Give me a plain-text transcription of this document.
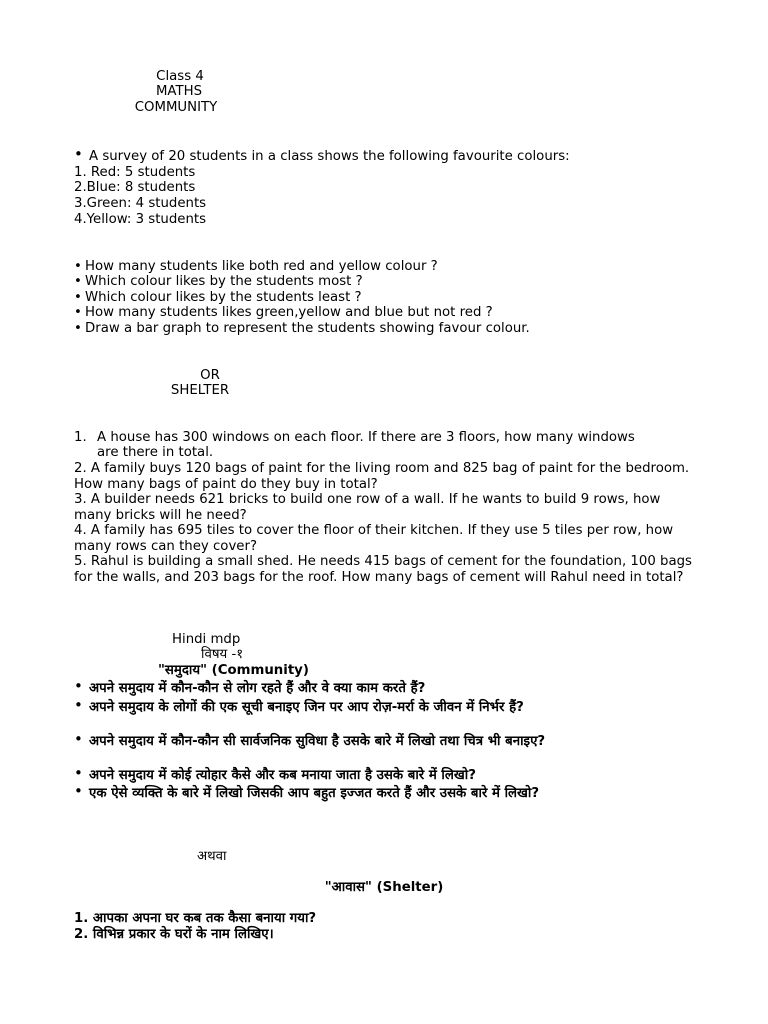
Class 4
MATHS
COMMUNITY
• A survey of 20 students in a class shows the following favourite colours:
1. Red: 5 students
2.Blue: 8 students
3.Green: 4 students
4.Yellow: 3 students
• How many students like both red and yellow colour ?
• Which colour likes by the students most ?
• Which colour likes by the students least ?
• How many students likes green,yellow and blue but not red ?
• Draw a bar graph to represent the students showing favour colour.
OR
SHELTER
1. A house has 300 windows on each floor. If there are 3 floors, how many windows
are there in total.
2. A family buys 120 bags of paint for the living room and 825 bag of paint for the bedroom. How many bags of paint do they buy in total?
3. A builder needs 621 bricks to build one row of a wall. If he wants to build 9 rows, how many bricks will he need?
4. A family has 695 tiles to cover the floor of their kitchen. If they use 5 tiles per row, how many rows can they cover?
5. Rahul is building a small shed. He needs 415 bags of cement for the foundation, 100 bags for the walls, and 203 bags for the roof. How many bags of cement will Rahul need in total?
Hindi mdp
विषय -१
"समुदाय" (Community)
• अपने समुदाय में कौन-कौन से लोग रहते हैं और वे क्या काम करते हैं?
• अपने समुदाय के लोगों की एक सूची बनाइए जिन पर आप रोज़-मर्रा के जीवन में निर्भर हैं?
• अपने समुदाय में कौन-कौन सी सार्वजनिक सुविधा है उसके बारे में लिखो तथा चित्र भी बनाइए?
• अपने समुदाय में कोई त्योहार कैसे और कब मनाया जाता है उसके बारे में लिखो?
• एक ऐसे व्यक्ति के बारे में लिखो जिसकी आप बहुत इज्जत करते हैं और उसके बारे में लिखो?
अथवा
"आवास" (Shelter)
1. आपका अपना घर कब तक कैसा बनाया गया?
2. विभिन्न प्रकार के घरों के नाम लिखिए।
